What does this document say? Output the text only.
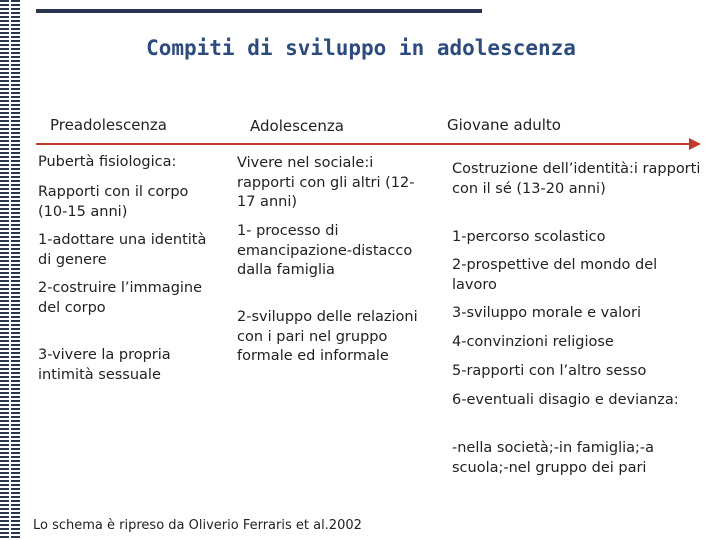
Compiti di sviluppo in adolescenza
Preadolescenza	Adolescenza	Giovane adulto
Pubertà fisiologica:
Rapporti con il corpo (10-15 anni)
1-adottare una identità di genere
2-costruire l’immagine del corpo
3-vivere la propria intimità sessuale
Vivere nel sociale:i rapporti con gli altri (12-17 anni)
1- processo di emancipazione-distacco dalla famiglia
2-sviluppo delle relazioni con i pari nel gruppo formale ed informale
Costruzione dell’identità:i rapporti con il sé (13-20 anni)
1-percorso scolastico
2-prospettive del mondo del lavoro
3-sviluppo morale e valori
4-convinzioni religiose
5-rapporti con l’altro sesso
6-eventuali disagio e devianza:
-nella società;-in famiglia;-a scuola;-nel gruppo dei pari
Lo schema è ripreso da Oliverio Ferraris et al.2002
